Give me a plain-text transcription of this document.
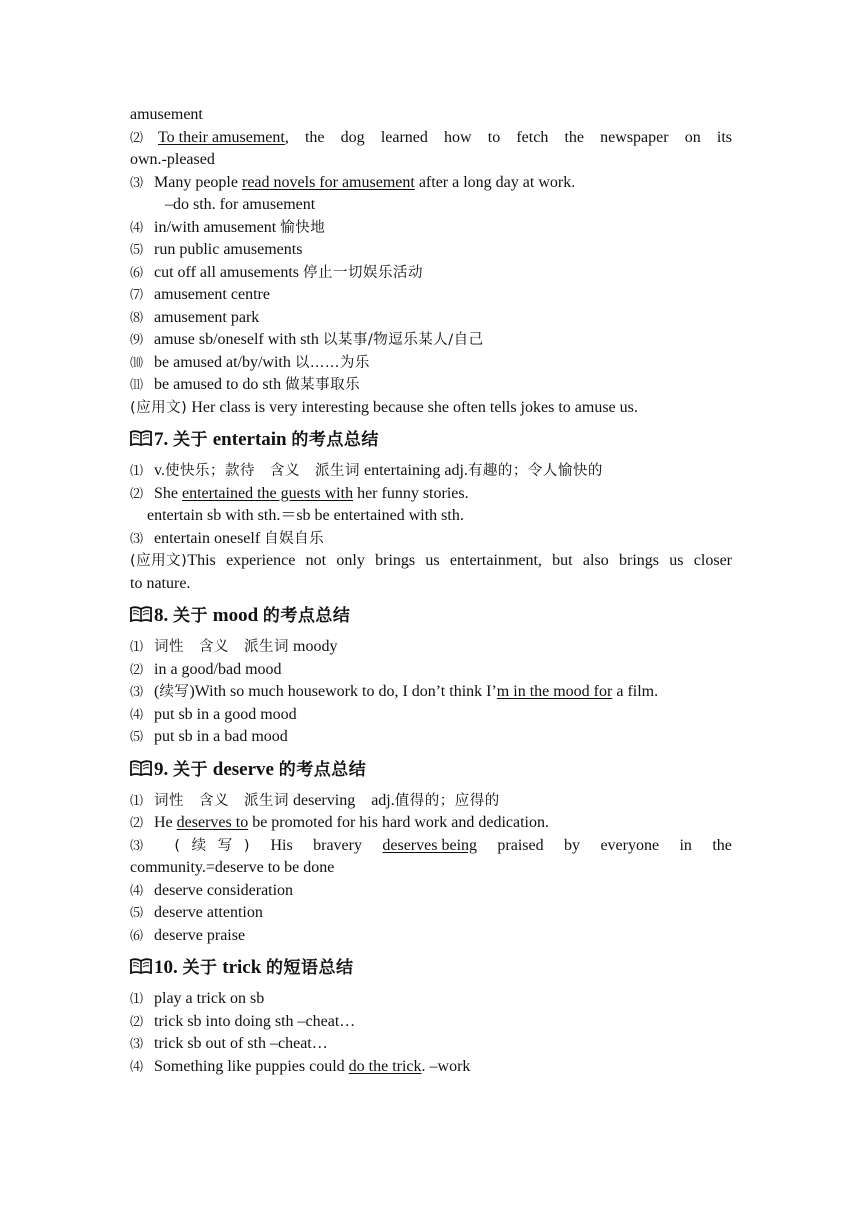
amusement
⑵ To their amusement , the dog learned how to fetch the newspaper on its
own.-pleased
⑶ Many people read novels for amusement after a long day at work.
–do sth. for amusement
⑷ in/with amusement 愉快地
⑸ run public amusements
⑹ cut off all amusements 停止一切娱乐活动
⑺ amusement centre
⑻ amusement park
⑼ amuse sb/oneself with sth 以某事/物逗乐某人/自己
⑽ be amused at/by/with 以……为乐
⑾ be amused to do sth 做某事取乐
(应用文) Her class is very interesting because she often tells jokes to amuse us.
7. 关于 entertain 的考点总结
⑴ v.使快乐；款待　含义　派生词 entertaining adj.有趣的；令人愉快的
⑵ She entertained the guests with her funny stories.
entertain sb with sth.＝sb be entertained with sth.
⑶ entertain oneself 自娱自乐
(应用文) This experience not only brings us entertainment, but also brings us closer
to nature.
8. 关于 mood 的考点总结
⑴ 词性　含义　派生词 moody
⑵ in a good/bad mood
⑶ (续写)With so much housework to do, I don’t think I’m in the mood for a film.
⑷ put sb in a good mood
⑸ put sb in a bad mood
9. 关于 deserve 的考点总结
⑴ 词性　含义　派生词 deserving　adj.值得的；应得的
⑵ He deserves to be promoted for his hard work and dedication.
⑶	( 续 写 ) His bravery deserves being praised by everyone in the
community.=deserve to be done
⑷ deserve consideration
⑸ deserve attention
⑹ deserve praise
10. 关于 trick 的短语总结
⑴ play a trick on sb
⑵ trick sb into doing sth –cheat…
⑶ trick sb out of sth –cheat…
⑷ Something like puppies could do the trick. –work
